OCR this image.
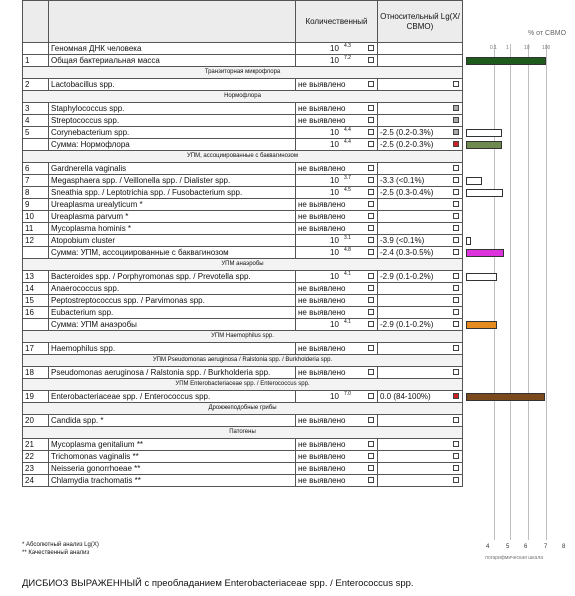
		Количественный	Относительный Lg(X/СВМО)
	Геномная ДНК человека	10 $^{4.3}$

1	Общая бактериальная масса	10 $^{7.2}$

Транзиторная микрофлора			
2	Lactobacillus spp.	не выявлено

Нормофлора			
3	Staphylococcus spp.	не выявлено

4	Streptococcus spp.	не выявлено

5	Corynebacterium spp.	10 $^{4.4}$	-2.5 (0.2-0.3%)

	Сумма: Нормофлора	10 $^{4.4}$	-2.5 (0.2-0.3%)

УПМ, ассоциированные с баквагинозом			
6	Gardnerella vaginalis	не выявлено

7	Megasphaera spp. / Veillonella spp. / Dialister spp.	10 $^{3.7}$	-3.3 (<0.1%)

8	Sneathia spp. / Leptotrichia spp. / Fusobacterium spp.	10 $^{4.5}$	-2.5 (0.3-0.4%)

9	Ureaplasma urealyticum *	не выявлено

10	Ureaplasma parvum *	не выявлено

11	Mycoplasma hominis *	не выявлено

12	Atopobium cluster	10 $^{3.1}$	-3.9 (<0.1%)

	Сумма: УПМ, ассоциированные с баквагинозом	10 $^{4.8}$	-2.4 (0.3-0.5%)

УПМ анаэробы			
13	Bacteroides spp. / Porphyromonas spp. / Prevotella spp.	10 $^{4.1}$	-2.9 (0.1-0.2%)

14	Anaerococcus spp.	не выявлено

15	Peptostreptococcus spp. / Parvimonas spp.	не выявлено

16	Eubacterium spp.	не выявлено

	Сумма: УПМ анаэробы	10 $^{4.1}$	-2.9 (0.1-0.2%)

УПМ Haemophilus spp.			
17	Haemophilus spp.	не выявлено

УПМ Pseudomonas aeruginosa / Ralstonia spp. / Burkholderia spp.			
18	Pseudomonas aeruginosa / Ralstonia spp. / Burkholderia spp.	не выявлено

УПМ Enterobacteriaceae spp. / Enterococcus spp.			
19	Enterobacteriaceae spp. / Enterococcus spp.	10 $^{7.0}$	0.0 (84-100%)

Дрожжеподобные грибы			
20	Candida spp. *	не выявлено

Патогены			
21	Mycoplasma genitalium **	не выявлено

22	Trichomonas vaginalis **	не выявлено

23	Neisseria gonorrhoeae **	не выявлено

24	Chlamydia trachomatis **	не выявлено

% от СВМО
0.1 1	10 100
4	5 6	7 8
логарифмическая шкала
* Абсолютный анализ Lg(X)
** Качественный анализ
ДИСБИОЗ ВЫРАЖЕННЫЙ с преобладанием Enterobacteriaceae spp. / Enterococcus spp.
